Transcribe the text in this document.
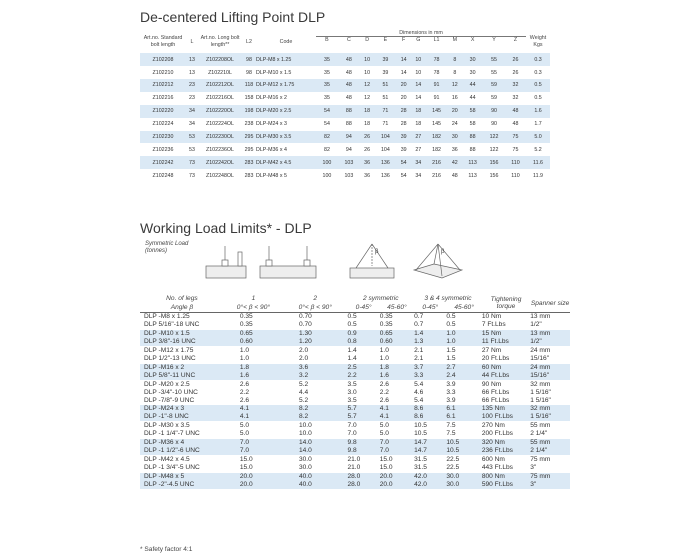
De-centered Lifting Point DLP
Art.no. Standard bolt length	L	Art.no. Long bolt length**	L2	Code	Dimensions in mm											Weight Kgs
					B	C	D	E	F	G	L1	M	X	Y	Z	
Z102208	13	Z102208OL	98	DLP-M8 x 1.25	35	48	10	39	14	10	78	8	30	55	26	0.3
Z102210	13	Z102210L	98	DLP-M10 x 1.5	35	48	10	39	14	10	78	8	30	55	26	0.3
Z102212	23	Z102212OL	118	DLP-M12 x 1.75	35	48	12	51	20	14	91	12	44	59	32	0.5
Z102216	23	Z102216OL	158	DLP-M16 x 2	35	48	12	51	20	14	91	16	44	59	32	0.5
Z102220	34	Z102220OL	198	DLP-M20 x 2.5	54	88	18	71	28	18	145	20	58	90	48	1.6
Z102224	34	Z102224OL	238	DLP-M24 x 3	54	88	18	71	28	18	145	24	58	90	48	1.7
Z102230	53	Z102230OL	295	DLP-M30 x 3.5	82	94	26	104	39	27	182	30	88	122	75	5.0
Z102236	53	Z102236OL	295	DLP-M36 x 4	82	94	26	104	39	27	182	36	88	122	75	5.2
Z102242	73	Z102242OL	283	DLP-M42 x 4.5	100	103	36	136	54	34	216	42	113	156	110	11.6
Z102248	73	Z102248OL	283	DLP-M48 x 5	100	103	36	136	54	34	216	48	113	156	110	11.9
Working Load Limits* - DLP
Symmetric Load (tonnes)	β	β
No. of legs	1	2	2 symmetric		3 & 4 symmetric		Tightening torque	Spanner size
Angle β	0°< β < 90°	0°< β < 90°	0-45°	45-60°	0-45°	45-60°		
DLP -M8 x 1.25	0.35	0.70	0.5	0.35	0.7	0.5	10 Nm	13 mm
DLP 5/16"-18 UNC	0.35	0.70	0.5	0.35	0.7	0.5	7 Ft.Lbs	1/2"
DLP -M10 x 1.5	0.65	1.30	0.9	0.65	1.4	1.0	15 Nm	13 mm
DLP 3/8"-16 UNC	0.60	1.20	0.8	0.60	1.3	1.0	11 Ft.Lbs	1/2"
DLP -M12 x 1.75	1.0	2.0	1.4	1.0	2.1	1.5	27 Nm	24 mm
DLP 1/2"-13 UNC	1.0	2.0	1.4	1.0	2.1	1.5	20 Ft.Lbs	15/16"
DLP -M16 x 2	1.8	3.6	2.5	1.8	3.7	2.7	60 Nm	24 mm
DLP 5/8"-11 UNC	1.6	3.2	2.2	1.6	3.3	2.4	44 Ft.Lbs	15/16"
DLP -M20 x 2.5	2.6	5.2	3.5	2.6	5.4	3.9	90 Nm	32 mm
DLP -3/4"-10 UNC	2.2	4.4	3.0	2.2	4.6	3.3	66 Ft.Lbs	1 5/16"
DLP -7/8"-9 UNC	2.6	5.2	3.5	2.6	5.4	3.9	66 Ft.Lbs	1 5/16"
DLP -M24 x 3	4.1	8.2	5.7	4.1	8.6	6.1	135 Nm	32 mm
DLP -1"-8 UNC	4.1	8.2	5.7	4.1	8.6	6.1	100 Ft.Lbs	1 5/16"
DLP -M30 x 3.5	5.0	10.0	7.0	5.0	10.5	7.5	270 Nm	55 mm
DLP -1 1/4"-7 UNC	5.0	10.0	7.0	5.0	10.5	7.5	200 Ft.Lbs	2 1/4"
DLP -M36 x 4	7.0	14.0	9.8	7.0	14.7	10.5	320 Nm	55 mm
DLP -1 1/2"-6 UNC	7.0	14.0	9.8	7.0	14.7	10.5	236 Ft.Lbs	2 1/4"
DLP -M42 x 4.5	15.0	30.0	21.0	15.0	31.5	22.5	600 Nm	75 mm
DLP -1 3/4"-5 UNC	15.0	30.0	21.0	15.0	31.5	22.5	443 Ft.Lbs	3"
DLP -M48 x 5	20.0	40.0	28.0	20.0	42.0	30.0	800 Nm	75 mm
DLP -2"-4.5 UNC	20.0	40.0	28.0	20.0	42.0	30.0	590 Ft.Lbs	3"
* Safety factor 4:1
